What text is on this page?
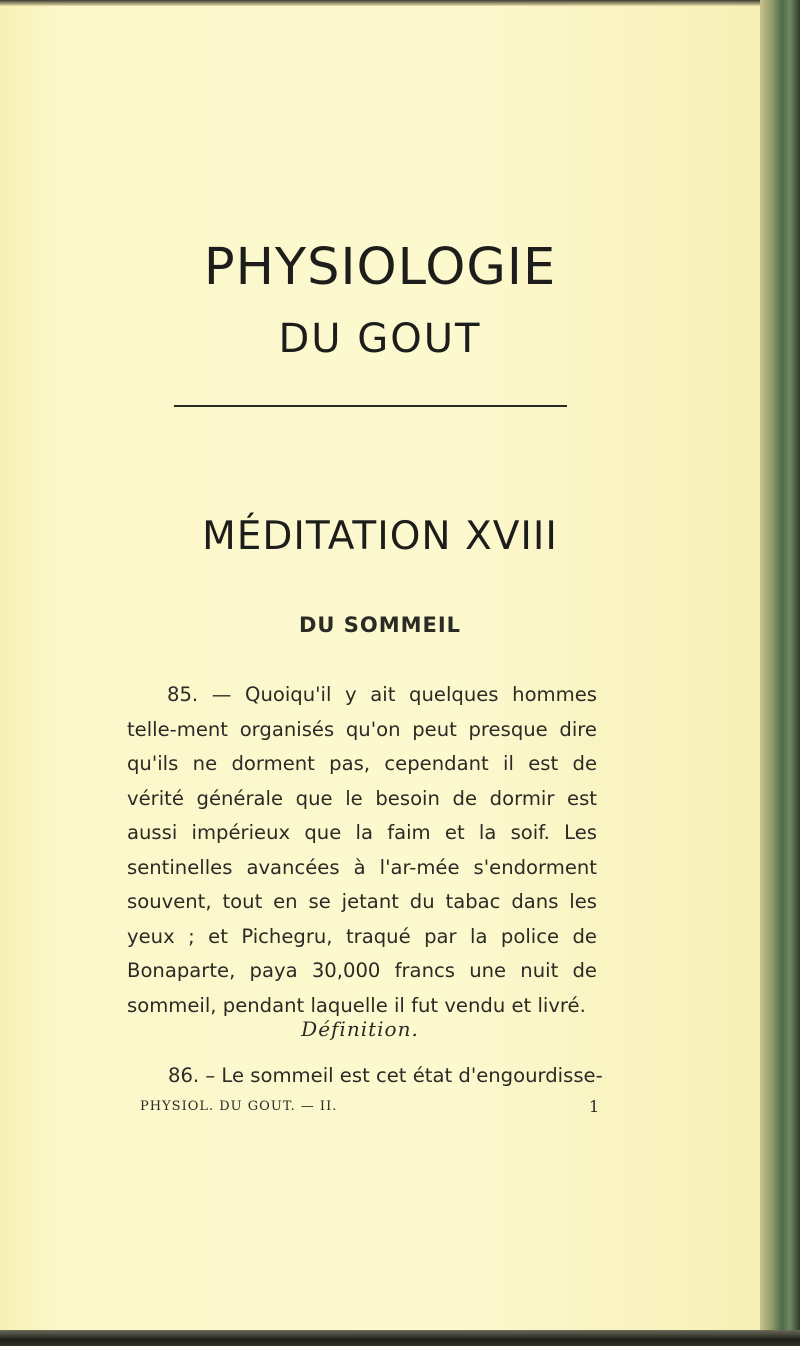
PHYSIOLOGIE
DU GOUT
MÉDITATION XVIII
DU SOMMEIL

85. — Quoiqu'il y ait quelques hommes telle-ment organisés qu'on peut presque dire qu'ils ne dorment pas, cependant il est de vérité générale que le besoin de dormir est aussi impérieux que la faim et la soif. Les sentinelles avancées à l'ar-mée s'endorment souvent, tout en se jetant du tabac dans les yeux ; et Pichegru, traqué par la police de Bonaparte, paya 30,000 francs une nuit de sommeil, pendant laquelle il fut vendu et livré.

Définition.

86. – Le sommeil est cet état d'engourdisse-

PHYSIOL. DU GOUT. — II.	1
